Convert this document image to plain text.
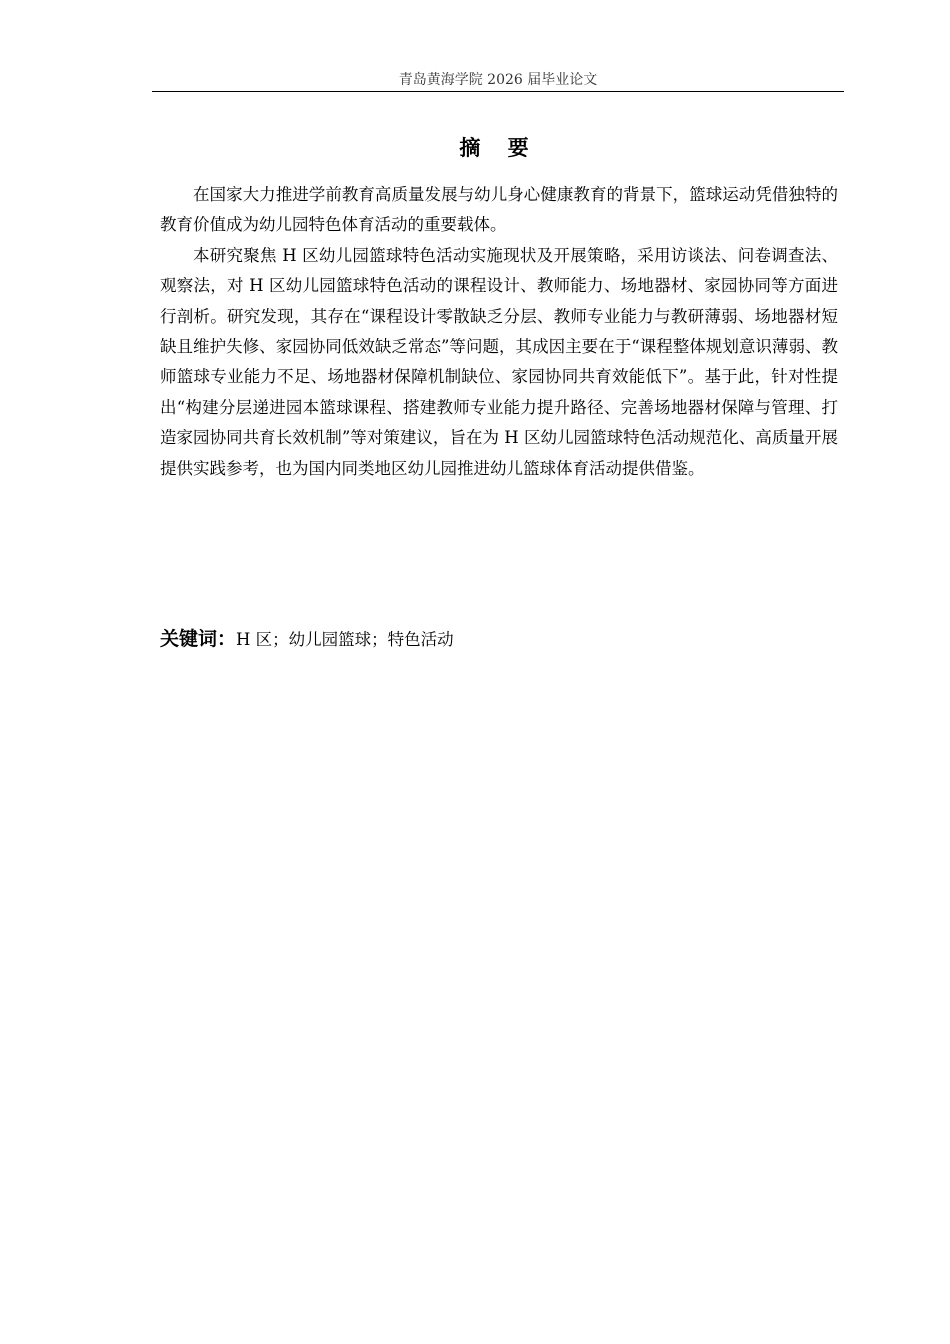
青岛黄海学院 2026 届毕业论文
摘 要

在国家大力推进学前教育高质量发展与幼儿身心健康教育的背景下，篮球运动凭借独特的教育价值成为幼儿园特色体育活动的重要载体。

本研究聚焦 H 区幼儿园篮球特色活动实施现状及开展策略，采用访谈法、问卷调查法、观察法，对 H 区幼儿园篮球特色活动的课程设计、教师能力、场地器材、家园协同等方面进行剖析。研究发现，其存在“课程设计零散缺乏分层、教师专业能力与教研薄弱、场地器材短缺且维护失修、家园协同低效缺乏常态”等问题，其成因主要在于“课程整体规划意识薄弱、教师篮球专业能力不足、场地器材保障机制缺位、家园协同共育效能低下”。基于此，针对性提出“构建分层递进园本篮球课程、搭建教师专业能力提升路径、完善场地器材保障与管理、打造家园协同共育长效机制”等对策建议，旨在为 H 区幼儿园篮球特色活动规范化、高质量开展提供实践参考，也为国内同类地区幼儿园推进幼儿篮球体育活动提供借鉴。

关键词：H 区；幼儿园篮球；特色活动
